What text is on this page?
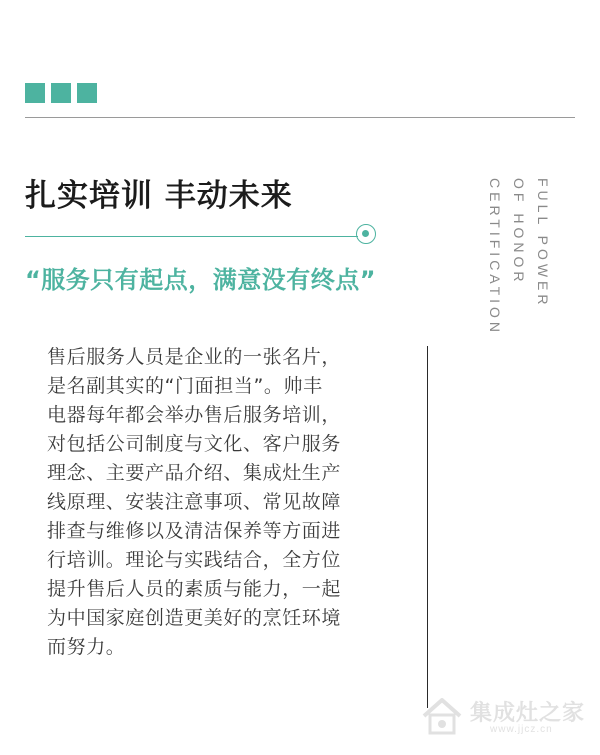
扎实培训 丰动未来	FULL POWER
OF HONOR
CERTIFICATION
“服务只有起点，满意没有终点”
售后服务人员是企业的一张名片，
是名副其实的“门面担当”。帅丰
电器每年都会举办售后服务培训，
对包括公司制度与文化、客户服务
理念、主要产品介绍、集成灶生产
线原理、安装注意事项、常见故障
排查与维修以及清洁保养等方面进
行培训。理论与实践结合，全方位
提升售后人员的素质与能力，一起
为中国家庭创造更美好的烹饪环境
而努力。
集成灶之家
www.jjcz.cn
